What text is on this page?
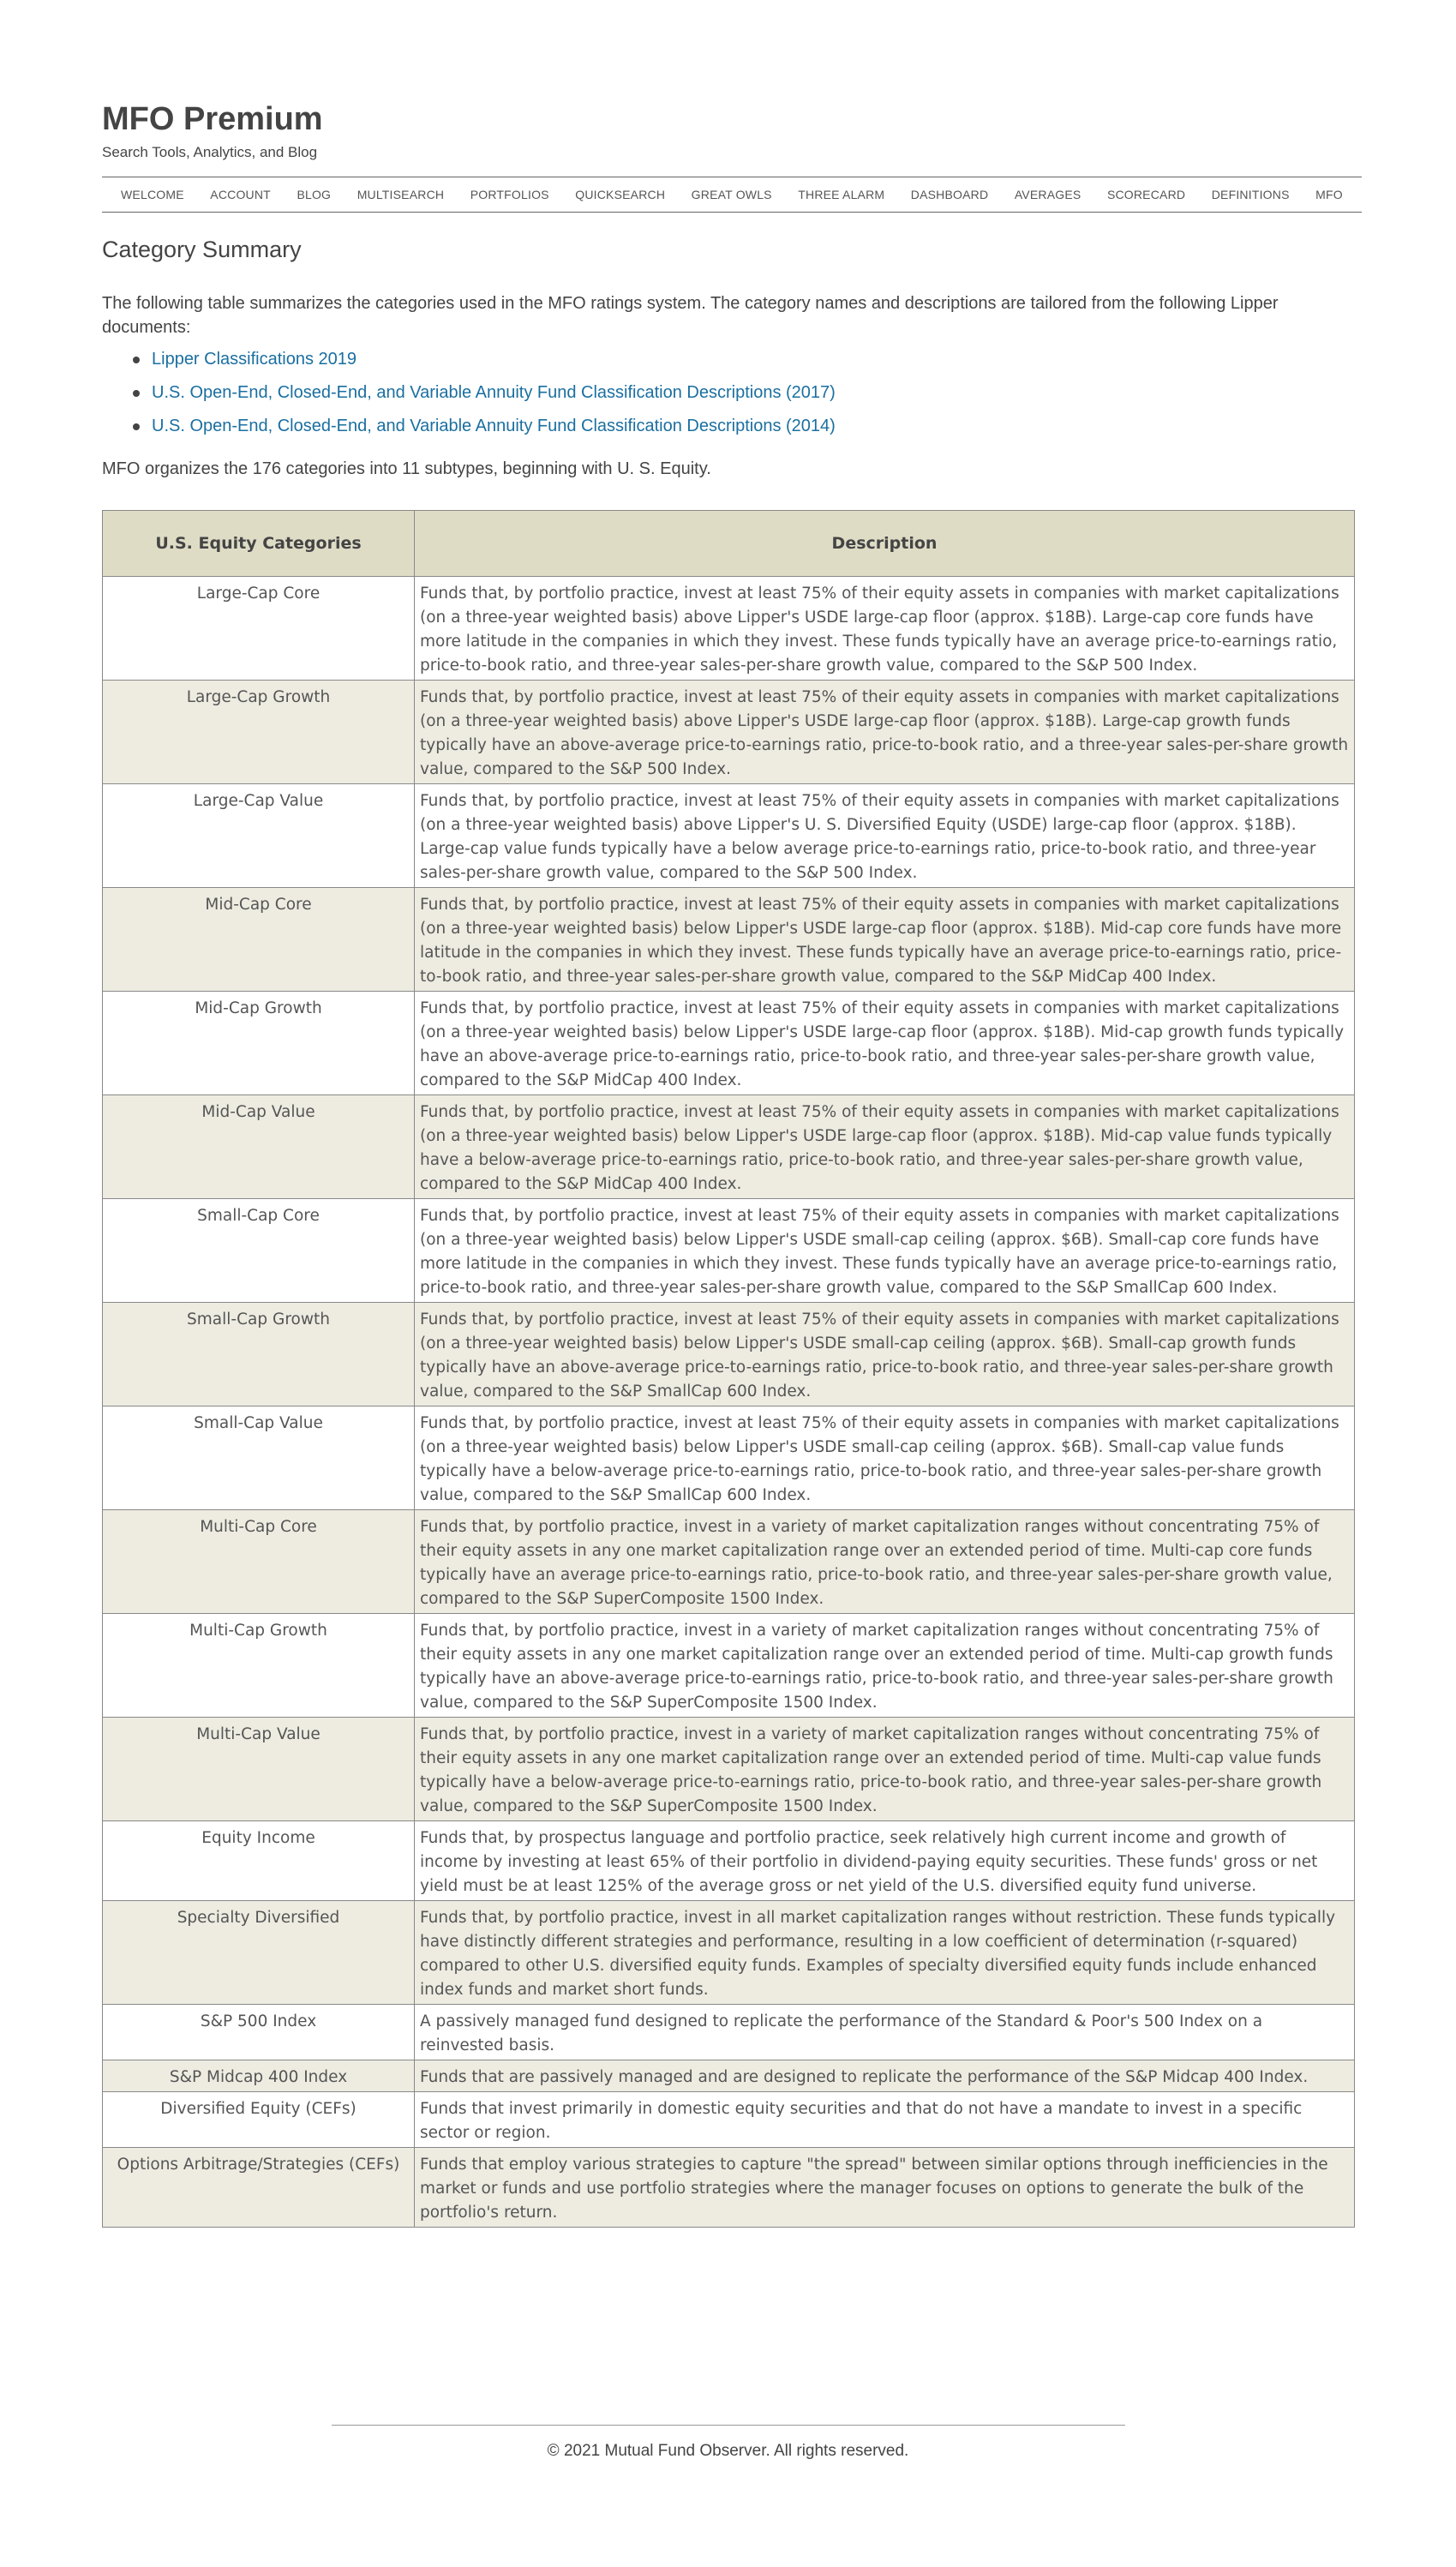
MFO Premium
Search Tools, Analytics, and Blog
WELCOME ACCOUNT BLOG MULTISEARCH PORTFOLIOS QUICKSEARCH GREAT OWLS THREE ALARM DASHBOARD AVERAGES SCORECARD DEFINITIONS MFO
Category Summary

The following table summarizes the categories used in the MFO ratings system. The category names and descriptions are tailored from the following Lipper documents:

Lipper Classifications 2019
U.S. Open-End, Closed-End, and Variable Annuity Fund Classification Descriptions (2017)
U.S. Open-End, Closed-End, and Variable Annuity Fund Classification Descriptions (2014)

MFO organizes the 176 categories into 11 subtypes, beginning with U. S. Equity.

U.S. Equity Categories	Description
Large-Cap Core	Funds that, by portfolio practice, invest at least 75% of their equity assets in companies with market capitalizations (on a three-year weighted basis) above Lipper's USDE large-cap floor (approx. $18B). Large-cap core funds have more latitude in the companies in which they invest. These funds typically have an average price-to-earnings ratio, price-to-book ratio, and three-year sales-per-share growth value, compared to the S&P 500 Index.
Large-Cap Growth	Funds that, by portfolio practice, invest at least 75% of their equity assets in companies with market capitalizations (on a three-year weighted basis) above Lipper's USDE large-cap floor (approx. $18B). Large-cap growth funds typically have an above-average price-to-earnings ratio, price-to-book ratio, and a three-year sales-per-share growth value, compared to the S&P 500 Index.
Large-Cap Value	Funds that, by portfolio practice, invest at least 75% of their equity assets in companies with market capitalizations (on a three-year weighted basis) above Lipper's U. S. Diversified Equity (USDE) large-cap floor (approx. $18B). Large-cap value funds typically have a below average price-to-earnings ratio, price-to-book ratio, and three-year sales-per-share growth value, compared to the S&P 500 Index.
Mid-Cap Core	Funds that, by portfolio practice, invest at least 75% of their equity assets in companies with market capitalizations (on a three-year weighted basis) below Lipper's USDE large-cap floor (approx. $18B). Mid-cap core funds have more latitude in the companies in which they invest. These funds typically have an average price-to-earnings ratio, price-to-book ratio, and three-year sales-per-share growth value, compared to the S&P MidCap 400 Index.
Mid-Cap Growth	Funds that, by portfolio practice, invest at least 75% of their equity assets in companies with market capitalizations (on a three-year weighted basis) below Lipper's USDE large-cap floor (approx. $18B). Mid-cap growth funds typically have an above-average price-to-earnings ratio, price-to-book ratio, and three-year sales-per-share growth value, compared to the S&P MidCap 400 Index.
Mid-Cap Value	Funds that, by portfolio practice, invest at least 75% of their equity assets in companies with market capitalizations (on a three-year weighted basis) below Lipper's USDE large-cap floor (approx. $18B). Mid-cap value funds typically have a below-average price-to-earnings ratio, price-to-book ratio, and three-year sales-per-share growth value, compared to the S&P MidCap 400 Index.
Small-Cap Core	Funds that, by portfolio practice, invest at least 75% of their equity assets in companies with market capitalizations (on a three-year weighted basis) below Lipper's USDE small-cap ceiling (approx. $6B). Small-cap core funds have more latitude in the companies in which they invest. These funds typically have an average price-to-earnings ratio, price-to-book ratio, and three-year sales-per-share growth value, compared to the S&P SmallCap 600 Index.
Small-Cap Growth	Funds that, by portfolio practice, invest at least 75% of their equity assets in companies with market capitalizations (on a three-year weighted basis) below Lipper's USDE small-cap ceiling (approx. $6B). Small-cap growth funds typically have an above-average price-to-earnings ratio, price-to-book ratio, and three-year sales-per-share growth value, compared to the S&P SmallCap 600 Index.
Small-Cap Value	Funds that, by portfolio practice, invest at least 75% of their equity assets in companies with market capitalizations (on a three-year weighted basis) below Lipper's USDE small-cap ceiling (approx. $6B). Small-cap value funds typically have a below-average price-to-earnings ratio, price-to-book ratio, and three-year sales-per-share growth value, compared to the S&P SmallCap 600 Index.
Multi-Cap Core	Funds that, by portfolio practice, invest in a variety of market capitalization ranges without concentrating 75% of their equity assets in any one market capitalization range over an extended period of time. Multi-cap core funds typically have an average price-to-earnings ratio, price-to-book ratio, and three-year sales-per-share growth value, compared to the S&P SuperComposite 1500 Index.
Multi-Cap Growth	Funds that, by portfolio practice, invest in a variety of market capitalization ranges without concentrating 75% of their equity assets in any one market capitalization range over an extended period of time. Multi-cap growth funds typically have an above-average price-to-earnings ratio, price-to-book ratio, and three-year sales-per-share growth value, compared to the S&P SuperComposite 1500 Index.
Multi-Cap Value	Funds that, by portfolio practice, invest in a variety of market capitalization ranges without concentrating 75% of their equity assets in any one market capitalization range over an extended period of time. Multi-cap value funds typically have a below-average price-to-earnings ratio, price-to-book ratio, and three-year sales-per-share growth value, compared to the S&P SuperComposite 1500 Index.
Equity Income	Funds that, by prospectus language and portfolio practice, seek relatively high current income and growth of income by investing at least 65% of their portfolio in dividend-paying equity securities. These funds' gross or net yield must be at least 125% of the average gross or net yield of the U.S. diversified equity fund universe.
Specialty Diversified	Funds that, by portfolio practice, invest in all market capitalization ranges without restriction. These funds typically have distinctly different strategies and performance, resulting in a low coefficient of determination (r-squared) compared to other U.S. diversified equity funds. Examples of specialty diversified equity funds include enhanced index funds and market short funds.
S&P 500 Index	A passively managed fund designed to replicate the performance of the Standard & Poor's 500 Index on a reinvested basis.
S&P Midcap 400 Index	Funds that are passively managed and are designed to replicate the performance of the S&P Midcap 400 Index.
Diversified Equity (CEFs)	Funds that invest primarily in domestic equity securities and that do not have a mandate to invest in a specific sector or region.
Options Arbitrage/Strategies (CEFs)	Funds that employ various strategies to capture "the spread" between similar options through inefficiencies in the market or funds and use portfolio strategies where the manager focuses on options to generate the bulk of the portfolio's return.
© 2021 Mutual Fund Observer. All rights reserved.
